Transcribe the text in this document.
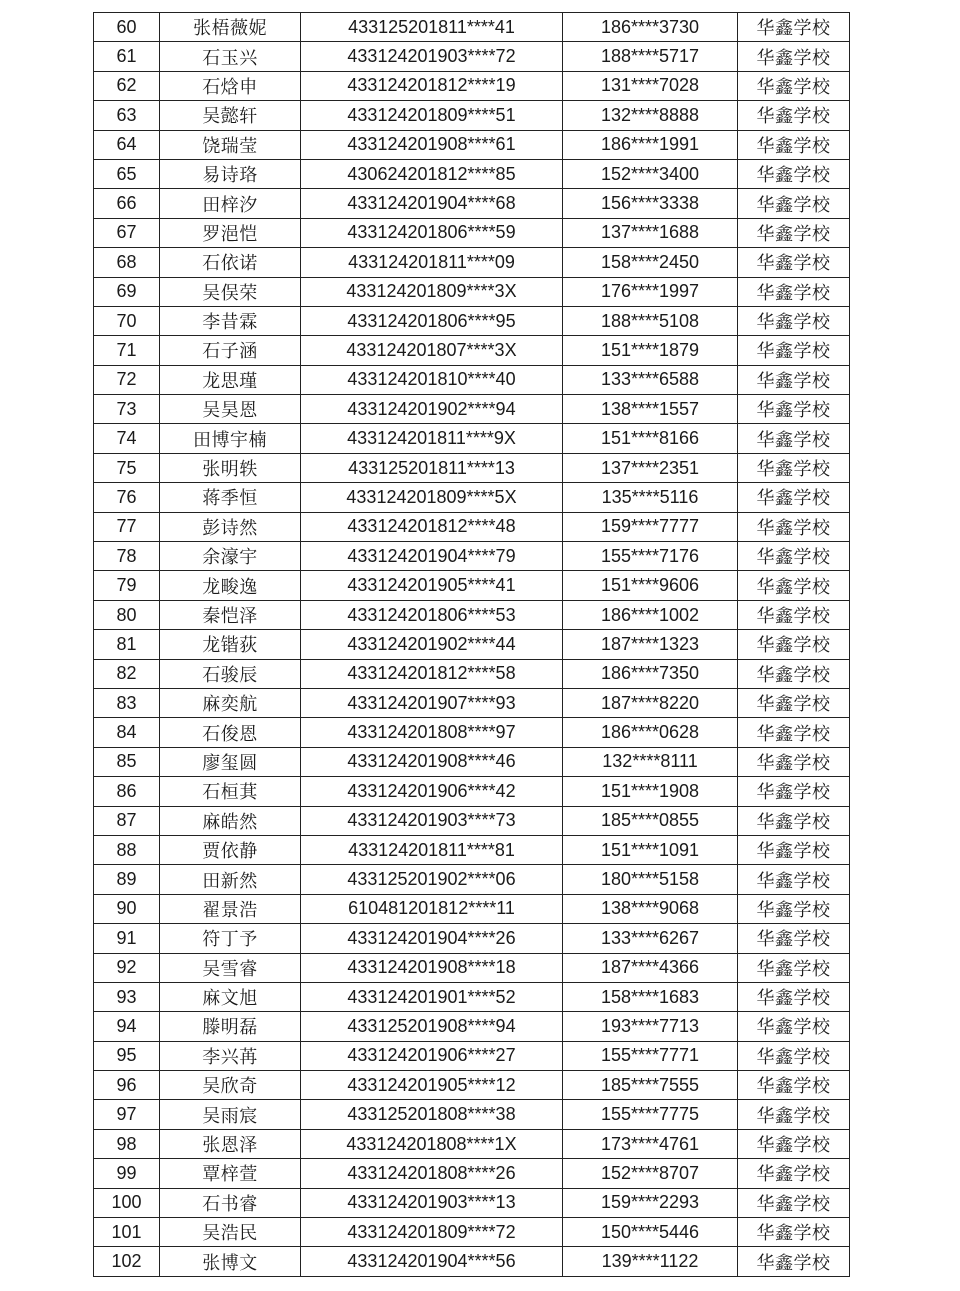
60	张梧薇妮	433125201811****41	186****3730	华鑫学校
61	石玉兴	433124201903****72	188****5717	华鑫学校
62	石焓申	433124201812****19	131****7028	华鑫学校
63	吴懿轩	433124201809****51	132****8888	华鑫学校
64	饶瑞莹	433124201908****61	186****1991	华鑫学校
65	易诗珞	430624201812****85	152****3400	华鑫学校
66	田梓汐	433124201904****68	156****3338	华鑫学校
67	罗浥恺	433124201806****59	137****1688	华鑫学校
68	石依诺	433124201811****09	158****2450	华鑫学校
69	吴俣荣	433124201809****3X	176****1997	华鑫学校
70	李昔霖	433124201806****95	188****5108	华鑫学校
71	石子涵	433124201807****3X	151****1879	华鑫学校
72	龙思瑾	433124201810****40	133****6588	华鑫学校
73	吴昊恩	433124201902****94	138****1557	华鑫学校
74	田博宇楠	433124201811****9X	151****8166	华鑫学校
75	张明轶	433125201811****13	137****2351	华鑫学校
76	蒋季恒	433124201809****5X	135****5116	华鑫学校
77	彭诗然	433124201812****48	159****7777	华鑫学校
78	余濠宇	433124201904****79	155****7176	华鑫学校
79	龙畯逸	433124201905****41	151****9606	华鑫学校
80	秦恺泽	433124201806****53	186****1002	华鑫学校
81	龙锴荻	433124201902****44	187****1323	华鑫学校
82	石骏辰	433124201812****58	186****7350	华鑫学校
83	麻奕航	433124201907****93	187****8220	华鑫学校
84	石俊恩	433124201808****97	186****0628	华鑫学校
85	廖玺圆	433124201908****46	132****8111	华鑫学校
86	石桓萁	433124201906****42	151****1908	华鑫学校
87	麻皓然	433124201903****73	185****0855	华鑫学校
88	贾依静	433124201811****81	151****1091	华鑫学校
89	田新然	433125201902****06	180****5158	华鑫学校
90	翟景浩	610481201812****11	138****9068	华鑫学校
91	符丁予	433124201904****26	133****6267	华鑫学校
92	吴雪睿	433124201908****18	187****4366	华鑫学校
93	麻文旭	433124201901****52	158****1683	华鑫学校
94	滕明磊	433125201908****94	193****7713	华鑫学校
95	李兴苒	433124201906****27	155****7771	华鑫学校
96	吴欣奇	433124201905****12	185****7555	华鑫学校
97	吴雨宸	433125201808****38	155****7775	华鑫学校
98	张恩泽	433124201808****1X	173****4761	华鑫学校
99	覃梓萱	433124201808****26	152****8707	华鑫学校
100	石书睿	433124201903****13	159****2293	华鑫学校
101	吴浩民	433124201809****72	150****5446	华鑫学校
102	张博文	433124201904****56	139****1122	华鑫学校
